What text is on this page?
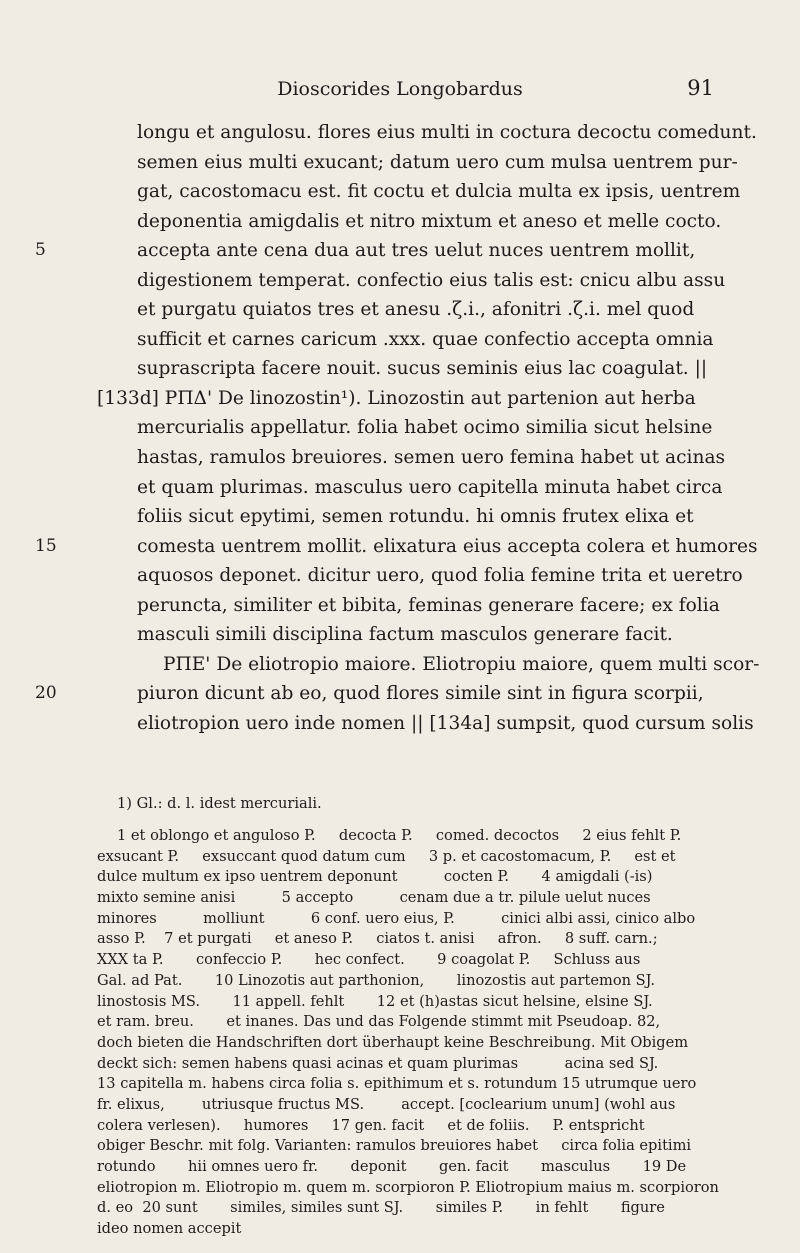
Dioscorides Longobardus	91
longu et angulosu. flores eius multi in coctura decoctu comedunt.
semen eius multi exucant; datum uero cum mulsa uentrem pur-
gat, cacostomacu est. fit coctu et dulcia multa ex ipsis, uentrem
deponentia amigdalis et nitro mixtum et aneso et melle cocto.
5	accepta ante cena dua aut tres uelut nuces uentrem mollit,
digestionem temperat. confectio eius talis est: cnicu albu assu
et purgatu quiatos tres et anesu .ζ.i., afonitri .ζ.i. mel quod
sufficit et carnes caricum .xxx. quae confectio accepta omnia
suprascripta facere nouit. sucus seminis eius lac coagulat. ||
[133d] ΡΠΔ' De linozostin¹). Linozostin aut partenion aut herba
mercurialis appellatur. folia habet ocimo similia sicut helsine
hastas, ramulos breuiores. semen uero femina habet ut acinas
et quam plurimas. masculus uero capitella minuta habet circa
foliis sicut epytimi, semen rotundu. hi omnis frutex elixa et
15	comesta uentrem mollit. elixatura eius accepta colera et humores
aquosos deponet. dicitur uero, quod folia femine trita et ueretro
peruncta, similiter et bibita, feminas generare facere; ex folia
masculi simili disciplina factum masculos generare facit.
ΡΠΕ' De eliotropio maiore. Eliotropiu maiore, quem multi scor-
20	piuron dicunt ab eo, quod flores simile sint in figura scorpii,
eliotropion uero inde nomen || [134a] sumpsit, quod cursum solis
1) Gl.: d. l. idest mercuriali.
1 et oblongo et anguloso P.     decocta P.     comed. decoctos     2 eius fehlt P.
exsucant P.     exsuccant quod datum cum     3 p. et cacostomacum, P.     est et
dulce multum ex ipso uentrem deponunt          cocten P.       4 amigdali (-is)
mixto semine anisi          5 accepto          cenam due a tr. pilule uelut nuces
minores          molliunt          6 conf. uero eius, P.          cinici albi assi, cinico albo
asso P.    7 et purgati     et aneso P.     ciatos t. anisi     afron.     8 suff. carn.;
XXX ta P.       confeccio P.       hec confect.       9 coagolat P.     Schluss aus
Gal. ad Pat.       10 Linozotis aut parthonion,       linozostis aut partemon SJ.
linostosis MS.       11 appell. fehlt       12 et (h)astas sicut helsine, elsine SJ.
et ram. breu.       et inanes. Das und das Folgende stimmt mit Pseudoap. 82,
doch bieten die Handschriften dort überhaupt keine Beschreibung. Mit Obigem
deckt sich: semen habens quasi acinas et quam plurimas          acina sed SJ.
13 capitella m. habens circa folia s. epithimum et s. rotundum 15 utrumque uero
fr. elixus,        utriusque fructus MS.        accept. [coclearium unum] (wohl aus
colera verlesen).     humores     17 gen. facit     et de foliis.     P. entspricht
obiger Beschr. mit folg. Varianten: ramulos breuiores habet     circa folia epitimi
rotundo       hii omnes uero fr.       deponit       gen. facit       masculus       19 De
eliotropion m. Eliotropio m. quem m. scorpioron P. Eliotropium maius m. scorpioron
d. eo  20 sunt       similes, similes sunt SJ.       similes P.       in fehlt       figure
ideo nomen accepit
